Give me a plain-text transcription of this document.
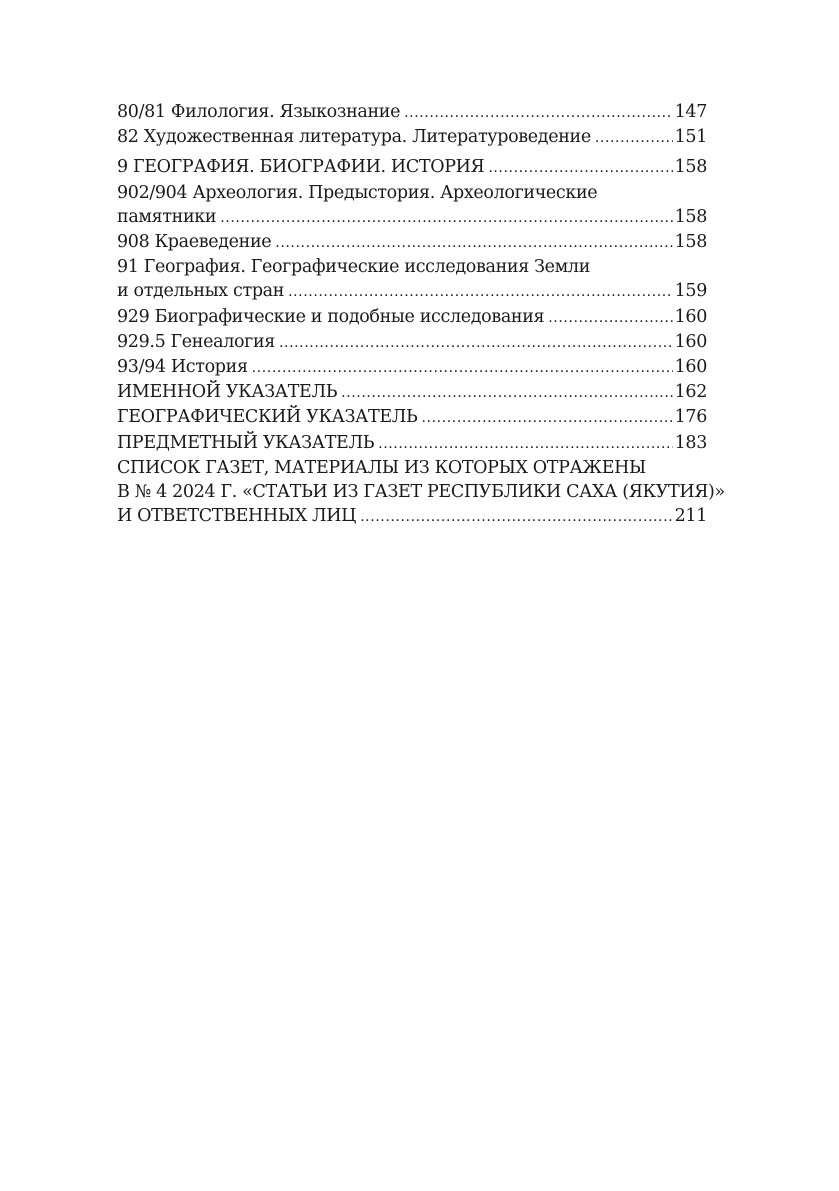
80/81 Филология. Языкознание .....	147
82 Художественная литература. Литературоведение .....	151
9 ГЕОГРАФИЯ. БИОГРАФИИ. ИСТОРИЯ .....	158
902/904 Археология. Предыстория. Археологические
памятники .....	158
908 Краеведение .....	158
91 География. Географические исследования Земли
и отдельных стран .....	159
929 Биографические и подобные исследования .....	160
929.5 Генеалогия .....	160
93/94 История .....	160
ИМЕННОЙ УКАЗАТЕЛЬ .....	162
ГЕОГРАФИЧЕСКИЙ УКАЗАТЕЛЬ .....	176
ПРЕДМЕТНЫЙ УКАЗАТЕЛЬ .....	183
СПИСОК ГАЗЕТ, МАТЕРИАЛЫ ИЗ КОТОРЫХ ОТРАЖЕНЫ
В № 4 2024 Г. «СТАТЬИ ИЗ ГАЗЕТ РЕСПУБЛИКИ САХА (ЯКУТИЯ)»
И ОТВЕТСТВЕННЫХ ЛИЦ .....	211
